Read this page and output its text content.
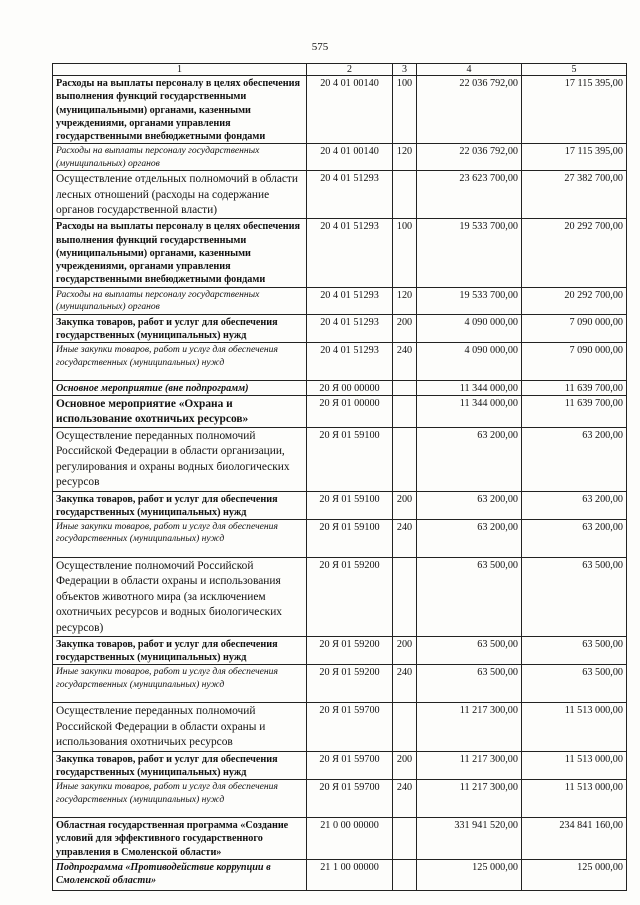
575
1	2	3	4	5
Расходы на выплаты персоналу в целях обеспечения выполнения функций государственными (муниципальными) органами, казенными учреждениями, органами управления государственными внебюджетными фондами	20 4 01 00140	100	22 036 792,00	17 115 395,00
Расходы на выплаты персоналу государственных (муниципальных) органов	20 4 01 00140	120	22 036 792,00	17 115 395,00
Осуществление отдельных полномочий в области лесных отношений (расходы на содержание органов государственной власти)	20 4 01 51293		23 623 700,00	27 382 700,00
Расходы на выплаты персоналу в целях обеспечения выполнения функций государственными (муниципальными) органами, казенными учреждениями, органами управления государственными внебюджетными фондами	20 4 01 51293	100	19 533 700,00	20 292 700,00
Расходы на выплаты персоналу государственных (муниципальных) органов	20 4 01 51293	120	19 533 700,00	20 292 700,00
Закупка товаров, работ и услуг для обеспечения государственных (муниципальных) нужд	20 4 01 51293	200	4 090 000,00	7 090 000,00
Иные закупки товаров, работ и услуг для обеспечения государственных (муниципальных) нужд	20 4 01 51293	240	4 090 000,00	7 090 000,00
Основное мероприятие (вне подпрограмм)	20 Я 00 00000		11 344 000,00	11 639 700,00
Основное мероприятие «Охрана и использование охотничьих ресурсов»	20 Я 01 00000		11 344 000,00	11 639 700,00
Осуществление переданных полномочий Российской Федерации в области организации, регулирования и охраны водных биологических ресурсов	20 Я 01 59100		63 200,00	63 200,00
Закупка товаров, работ и услуг для обеспечения государственных (муниципальных) нужд	20 Я 01 59100	200	63 200,00	63 200,00
Иные закупки товаров, работ и услуг для обеспечения государственных (муниципальных) нужд	20 Я 01 59100	240	63 200,00	63 200,00
Осуществление полномочий Российской Федерации в области охраны и использования объектов животного мира (за исключением охотничьих ресурсов и водных биологических ресурсов)	20 Я 01 59200		63 500,00	63 500,00
Закупка товаров, работ и услуг для обеспечения государственных (муниципальных) нужд	20 Я 01 59200	200	63 500,00	63 500,00
Иные закупки товаров, работ и услуг для обеспечения государственных (муниципальных) нужд	20 Я 01 59200	240	63 500,00	63 500,00
Осуществление переданных полномочий Российской Федерации в области охраны и использования охотничьих ресурсов	20 Я 01 59700		11 217 300,00	11 513 000,00
Закупка товаров, работ и услуг для обеспечения государственных (муниципальных) нужд	20 Я 01 59700	200	11 217 300,00	11 513 000,00
Иные закупки товаров, работ и услуг для обеспечения государственных (муниципальных) нужд	20 Я 01 59700	240	11 217 300,00	11 513 000,00
Областная государственная программа «Создание условий для эффективного государственного управления в Смоленской области»	21 0 00 00000		331 941 520,00	234 841 160,00
Подпрограмма «Противодействие коррупции в Смоленской области»	21 1 00 00000		125 000,00	125 000,00
